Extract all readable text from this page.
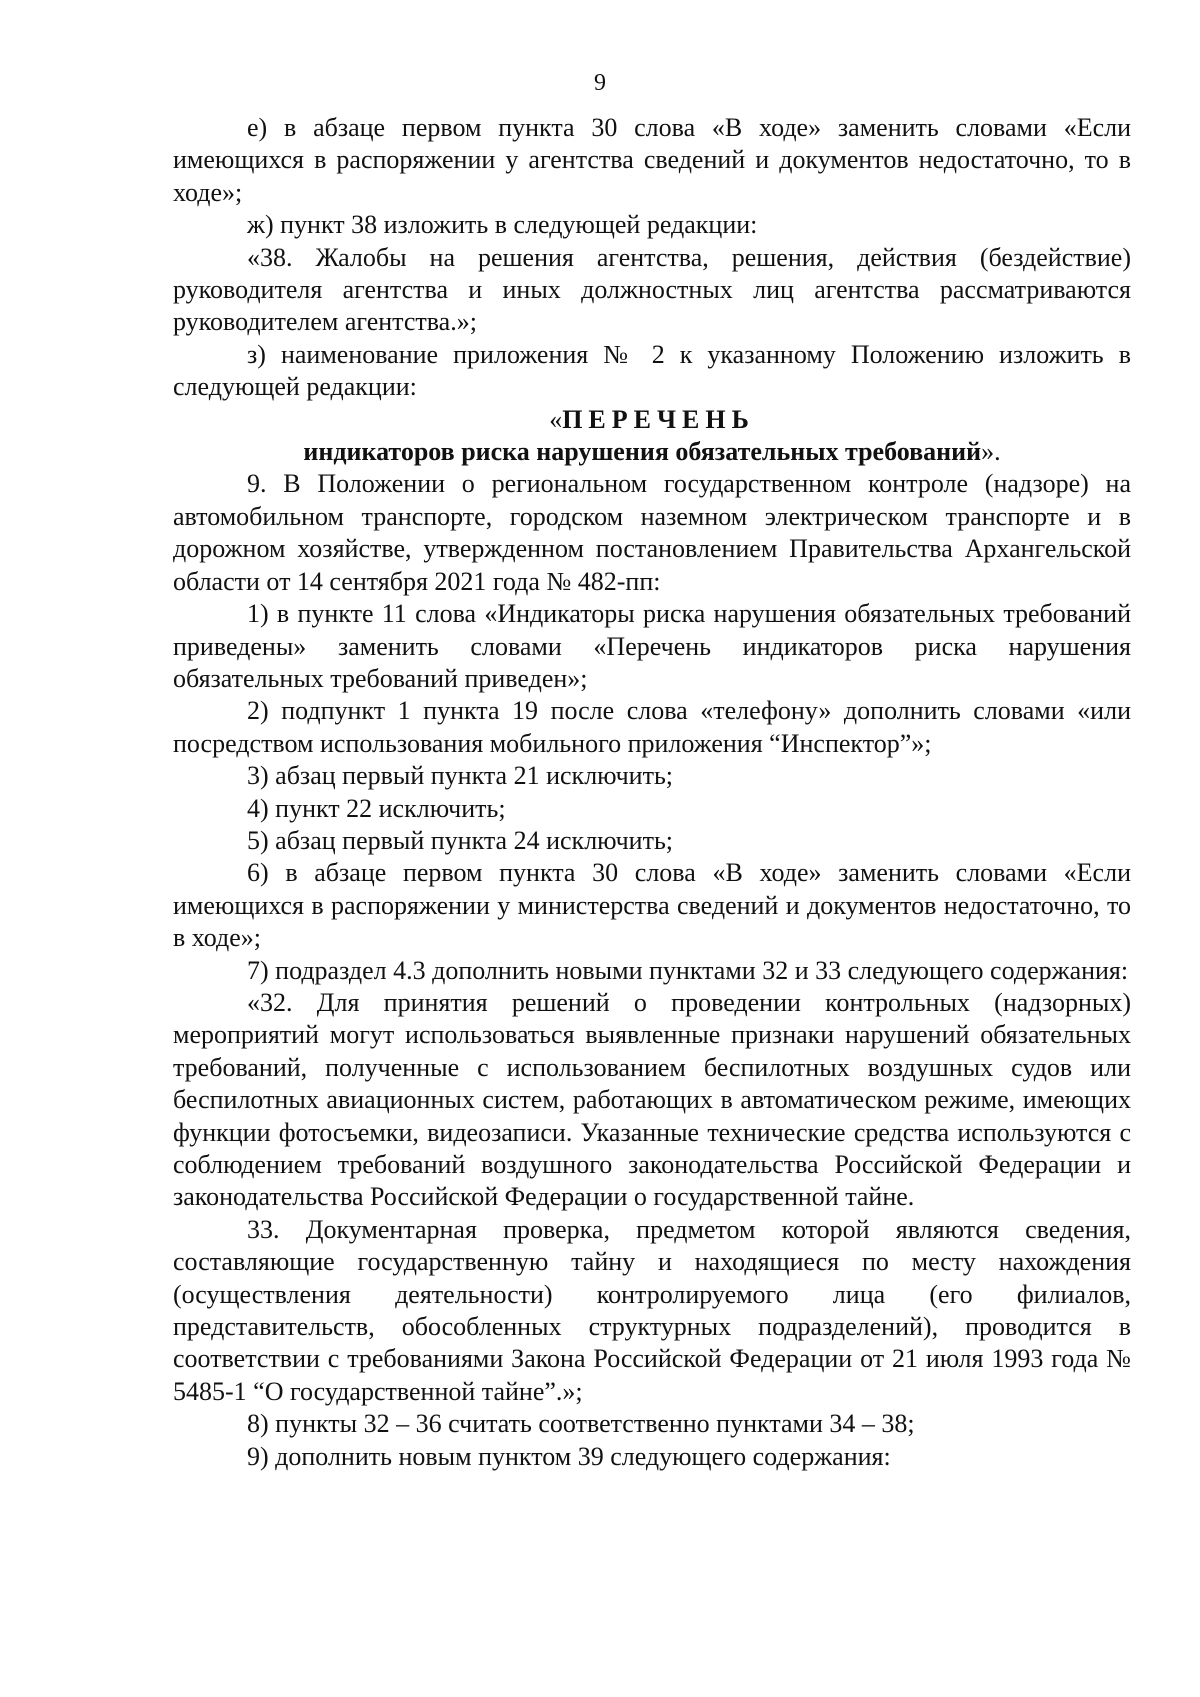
9

е) в абзаце первом пункта 30 слова «В ходе» заменить словами «Если имеющихся в распоряжении у агентства сведений и документов недостаточно, то в ходе»;

ж) пункт 38 изложить в следующей редакции:

«38. Жалобы на решения агентства, решения, действия (бездействие) руководителя агентства и иных должностных лиц агентства рассматриваются руководителем агентства.»;

з) наименование приложения № 2 к указанному Положению изложить в следующей редакции:

«ПЕРЕЧЕНЬ

индикаторов риска нарушения обязательных требований».

9. В Положении о региональном государственном контроле (надзоре) на автомобильном транспорте, городском наземном электрическом транспорте и в дорожном хозяйстве, утвержденном постановлением Правительства Архангельской области от 14 сентября 2021 года № 482-пп:

1) в пункте 11 слова «Индикаторы риска нарушения обязательных требований приведены» заменить словами «Перечень индикаторов риска нарушения обязательных требований приведен»;

2) подпункт 1 пункта 19 после слова «телефону» дополнить словами «или посредством использования мобильного приложения “Инспектор”»;

3) абзац первый пункта 21 исключить;

4) пункт 22 исключить;

5) абзац первый пункта 24 исключить;

6) в абзаце первом пункта 30 слова «В ходе» заменить словами «Если имеющихся в распоряжении у министерства сведений и документов недостаточно, то в ходе»;

7) подраздел 4.3 дополнить новыми пунктами 32 и 33 следующего содержания:

«32. Для принятия решений о проведении контрольных (надзорных) мероприятий могут использоваться выявленные признаки нарушений обязательных требований, полученные с использованием беспилотных воздушных судов или беспилотных авиационных систем, работающих в автоматическом режиме, имеющих функции фотосъемки, видеозаписи. Указанные технические средства используются с соблюдением требований воздушного законодательства Российской Федерации и законодательства Российской Федерации о государственной тайне.

33. Документарная проверка, предметом которой являются сведения, составляющие государственную тайну и находящиеся по месту нахождения (осуществления деятельности) контролируемого лица (его филиалов, представительств, обособленных структурных подразделений), проводится в соответствии с требованиями Закона Российской Федерации от 21 июля 1993 года № 5485-1 “О государственной тайне”.»;

8) пункты 32 – 36 считать соответственно пунктами 34 – 38;

9) дополнить новым пунктом 39 следующего содержания:
